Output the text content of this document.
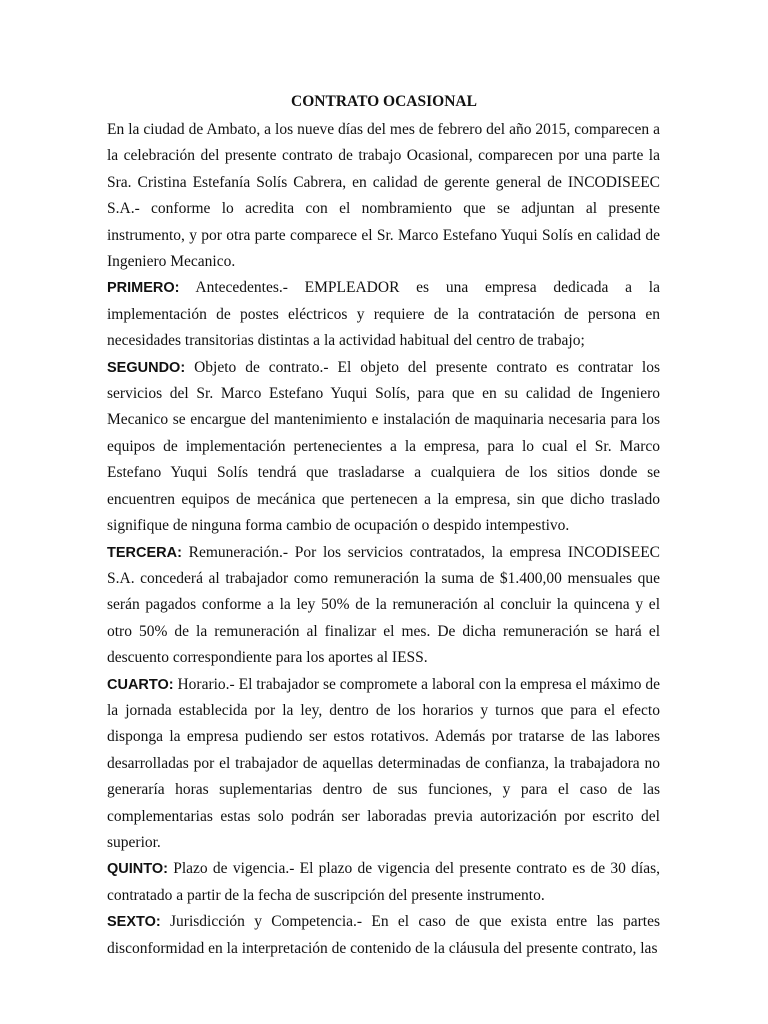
CONTRATO OCASIONAL

En la ciudad de Ambato, a los nueve días del mes de febrero del año 2015, comparecen a la celebración del presente contrato de trabajo Ocasional, comparecen por una parte la Sra. Cristina Estefanía Solís Cabrera, en calidad de gerente general de INCODISEEC S.A.- conforme lo acredita con el nombramiento que se adjuntan al presente instrumento, y por otra parte comparece el Sr. Marco Estefano Yuqui Solís en calidad de Ingeniero Mecanico.

PRIMERO: Antecedentes.- EMPLEADOR es una empresa dedicada a la implementación de postes eléctricos y requiere de la contratación de persona en necesidades transitorias distintas a la actividad habitual del centro de trabajo;

SEGUNDO: Objeto de contrato.- El objeto del presente contrato es contratar los servicios del Sr. Marco Estefano Yuqui Solís, para que en su calidad de Ingeniero Mecanico se encargue del mantenimiento e instalación de maquinaria necesaria para los equipos de implementación pertenecientes a la empresa, para lo cual el Sr. Marco Estefano Yuqui Solís tendrá que trasladarse a cualquiera de los sitios donde se encuentren equipos de mecánica que pertenecen a la empresa, sin que dicho traslado signifique de ninguna forma cambio de ocupación o despido intempestivo.

TERCERA: Remuneración.- Por los servicios contratados, la empresa INCODISEEC S.A. concederá al trabajador como remuneración la suma de $1.400,00 mensuales que serán pagados conforme a la ley 50% de la remuneración al concluir la quincena y el otro 50% de la remuneración al finalizar el mes. De dicha remuneración se hará el descuento correspondiente para los aportes al IESS.

CUARTO: Horario.- El trabajador se compromete a laboral con la empresa el máximo de la jornada establecida por la ley, dentro de los horarios y turnos que para el efecto disponga la empresa pudiendo ser estos rotativos. Además por tratarse de las labores desarrolladas por el trabajador de aquellas determinadas de confianza, la trabajadora no generaría horas suplementarias dentro de sus funciones, y para el caso de las complementarias estas solo podrán ser laboradas previa autorización por escrito del superior.

QUINTO: Plazo de vigencia.- El plazo de vigencia del presente contrato es de 30 días, contratado a partir de la fecha de suscripción del presente instrumento.

SEXTO: Jurisdicción y Competencia.- En el caso de que exista entre las partes disconformidad en la interpretación de contenido de la cláusula del presente contrato, las
